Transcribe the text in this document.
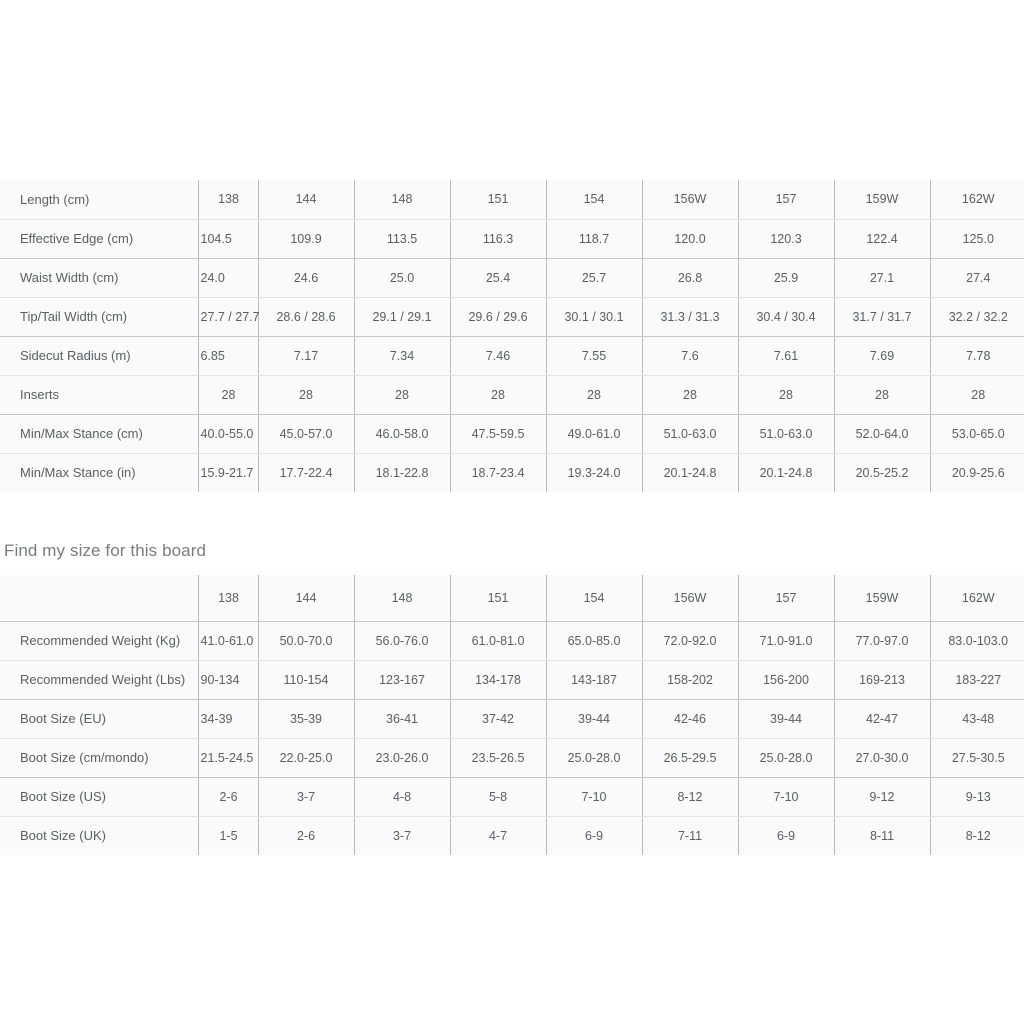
Length (cm)	138	144	148	151	154	156W	157	159W	162W
Effective Edge (cm)	104.5	109.9	113.5	116.3	118.7	120.0	120.3	122.4	125.0
Waist Width (cm)	24.0	24.6	25.0	25.4	25.7	26.8	25.9	27.1	27.4
Tip/Tail Width (cm)	27.7 / 27.7	28.6 / 28.6	29.1 / 29.1	29.6 / 29.6	30.1 / 30.1	31.3 / 31.3	30.4 / 30.4	31.7 / 31.7	32.2 / 32.2
Sidecut Radius (m)	6.85	7.17	7.34	7.46	7.55	7.6	7.61	7.69	7.78
Inserts	28	28	28	28	28	28	28	28	28
Min/Max Stance (cm)	40.0-55.0	45.0-57.0	46.0-58.0	47.5-59.5	49.0-61.0	51.0-63.0	51.0-63.0	52.0-64.0	53.0-65.0
Min/Max Stance (in)	15.9-21.7	17.7-22.4	18.1-22.8	18.7-23.4	19.3-24.0	20.1-24.8	20.1-24.8	20.5-25.2	20.9-25.6
Find my size for this board

	138	144	148	151	154	156W	157	159W	162W
Recommended Weight (Kg)	41.0-61.0	50.0-70.0	56.0-76.0	61.0-81.0	65.0-85.0	72.0-92.0	71.0-91.0	77.0-97.0	83.0-103.0
Recommended Weight (Lbs)	90-134	110-154	123-167	134-178	143-187	158-202	156-200	169-213	183-227
Boot Size (EU)	34-39	35-39	36-41	37-42	39-44	42-46	39-44	42-47	43-48
Boot Size (cm/mondo)	21.5-24.5	22.0-25.0	23.0-26.0	23.5-26.5	25.0-28.0	26.5-29.5	25.0-28.0	27.0-30.0	27.5-30.5
Boot Size (US)	2-6	3-7	4-8	5-8	7-10	8-12	7-10	9-12	9-13
Boot Size (UK)	1-5	2-6	3-7	4-7	6-9	7-11	6-9	8-11	8-12
